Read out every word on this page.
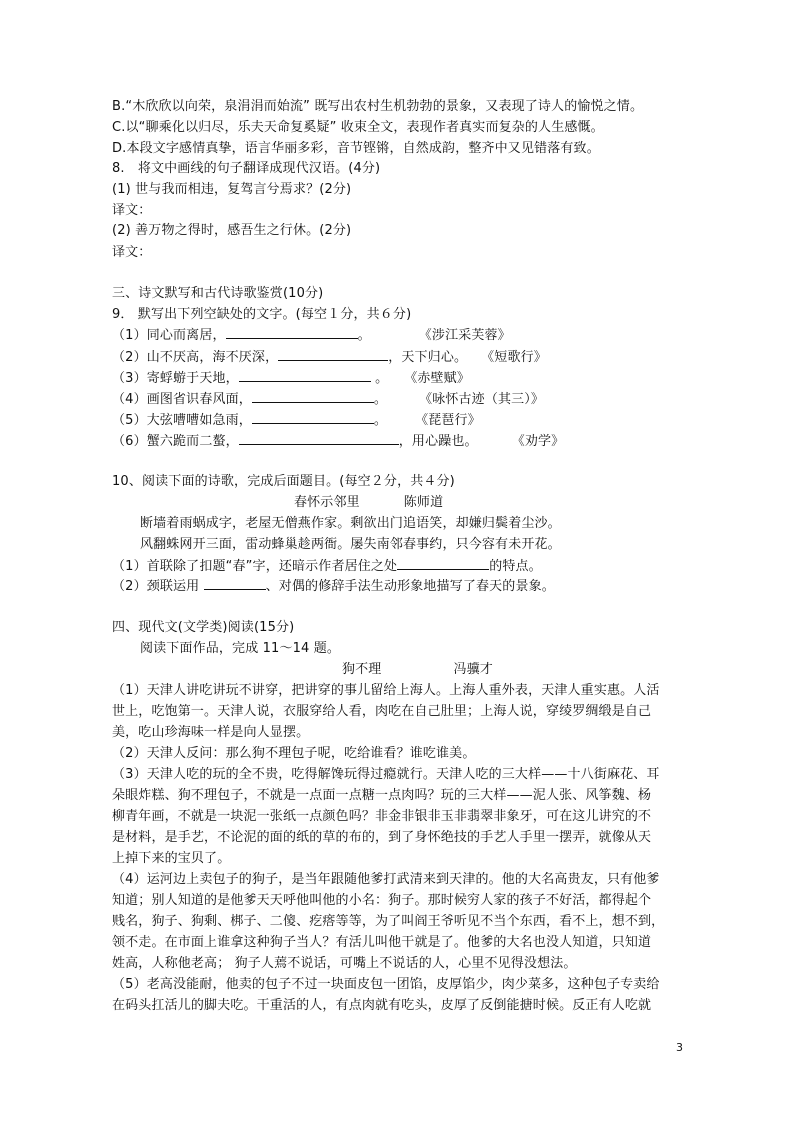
B.“木欣欣以向荣，泉涓涓而始流” 既写出农村生机勃勃的景象，又表现了诗人的愉悦之情。
C.以“聊乘化以归尽，乐夫天命复奚疑” 收束全文，表现作者真实而复杂的人生感慨。
D.本段文字感情真挚，语言华丽多彩，音节铿锵，自然成韵，整齐中又见错落有致。
8.　将文中画线的句子翻译成现代汉语。(4分)
(1) 世与我而相违，复驾言兮焉求？(2分)
译文：
(2) 善万物之得时，感吾生之行休。(2分)
译文：
三、诗文默写和古代诗歌鉴赏(10分)
9． 默写出下列空缺处的文字。(每空１分，共６分)
（1）同心而离居，	。	《涉江采芙蓉》
（2）山不厌高，海不厌深，	，天下归心。 《短歌行》
（3）寄蜉蝣于天地，	。 《赤壁赋》
（4）画图省识春风面，	。 《咏怀古迹（其三）》
（5）大弦嘈嘈如急雨，	。 《琵琶行》
（6）蟹六跪而二螯，	，用心躁也。	《劝学》
10、阅读下面的诗歌，完成后面题目。(每空２分，共４分)
春怀示邻里	陈师道
断墙着雨蜗成字，老屋无僧燕作家。剩欲出门追语笑，却嫌归鬓着尘沙。
风翻蛛网开三面，雷动蜂巢趁两衙。屡失南邻春事约，只今容有未开花。
（1）首联除了扣题“春”字，还暗示作者居住之处	的特点。
（2）颈联运用	、对偶的修辞手法生动形象地描写了春天的景象。
四、现代文(文学类)阅读(15分)
阅读下面作品，完成 11～14 题。
狗不理	冯骥才
（1）天津人讲吃讲玩不讲穿，把讲穿的事儿留给上海人。上海人重外表，天津人重实惠。人活
世上，吃饱第一。天津人说，衣服穿给人看，肉吃在自己肚里；上海人说，穿绫罗绸缎是自己
美，吃山珍海味一样是向人显摆。
（2）天津人反问：那么狗不理包子呢，吃给谁看？谁吃谁美。
（3）天津人吃的玩的全不贵，吃得解馋玩得过瘾就行。天津人吃的三大样——十八街麻花、耳
朵眼炸糕、狗不理包子，不就是一点面一点糖一点肉吗？玩的三大样——泥人张、风筝魏、杨
柳青年画，不就是一块泥一张纸一点颜色吗？非金非银非玉非翡翠非象牙，可在这儿讲究的不
是材料，是手艺，不论泥的面的纸的草的布的，到了身怀绝技的手艺人手里一摆弄，就像从天
上掉下来的宝贝了。
（4）运河边上卖包子的狗子，是当年跟随他爹打武清来到天津的。他的大名高贵友，只有他爹
知道；别人知道的是他爹天天呼他叫他的小名：狗子。那时候穷人家的孩子不好活，都得起个
贱名，狗子、狗剩、梆子、二傻、疙瘩等等，为了叫阎王爷听见不当个东西，看不上，想不到，
领不走。在市面上谁拿这种狗子当人？有活儿叫他干就是了。他爹的大名也没人知道，只知道
姓高，人称他老高； 狗子人蔫不说话，可嘴上不说话的人，心里不见得没想法。
（5）老高没能耐，他卖的包子不过一块面皮包一团馅，皮厚馅少，肉少菜多，这种包子专卖给
在码头扛活儿的脚夫吃。干重活的人，有点肉就有吃头，皮厚了反倒能搪时候。反正有人吃就
3
